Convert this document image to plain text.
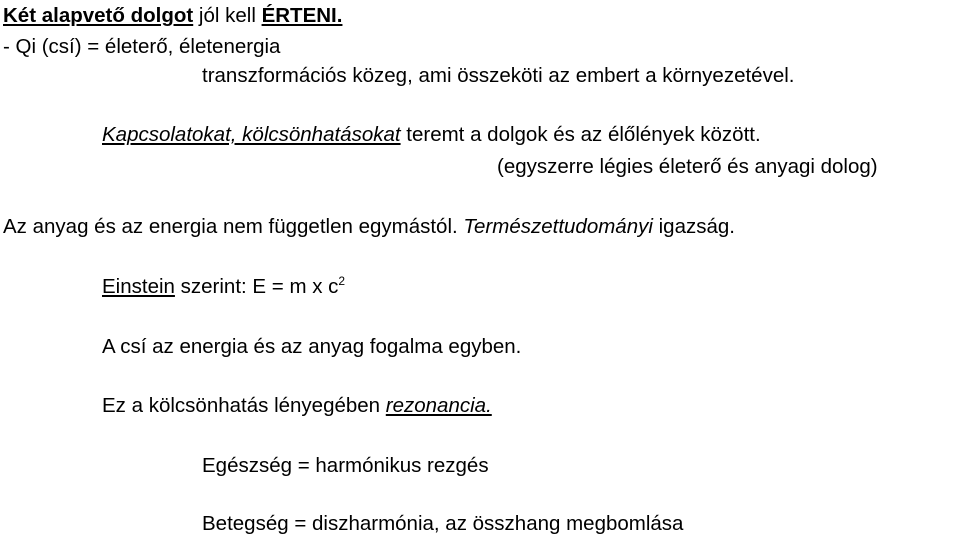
Két alapvető dolgot jól kell ÉRTENI.
- Qi (csí) = életerő, életenergia
transzformációs közeg, ami összeköti az embert a környezetével.
Kapcsolatokat, kölcsönhatásokat teremt a dolgok és az élőlények között.
(egyszerre légies életerő és anyagi dolog)
Az anyag és az energia nem független egymástól. Természettudományi igazság.
Einstein szerint: E = m x $c^2$
A csí az energia és az anyag fogalma egyben.
Ez a kölcsönhatás lényegében rezonancia.
Egészség = harmónikus rezgés
Betegség = diszharmónia, az összhang megbomlása
